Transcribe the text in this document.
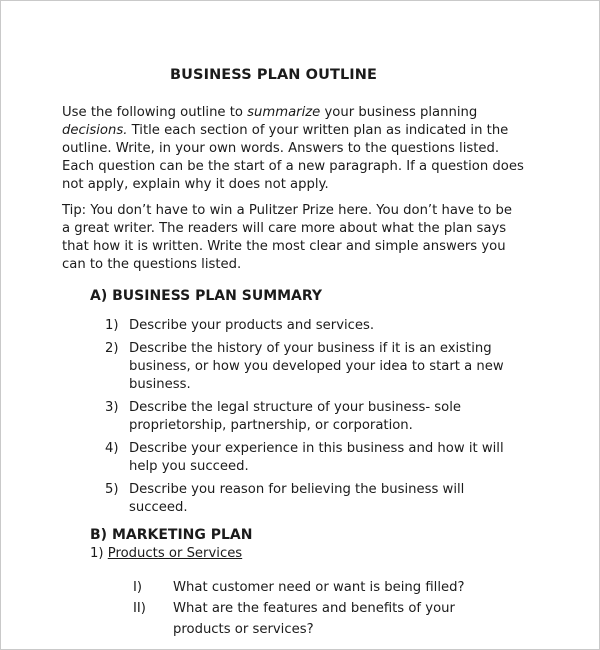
BUSINESS PLAN OUTLINE

Use the following outline to summarize your business planning decisions. Title each section of your written plan as indicated in the outline. Write, in your own words. Answers to the questions listed. Each question can be the start of a new paragraph. If a question does not apply, explain why it does not apply.

Tip: You don’t have to win a Pulitzer Prize here. You don’t have to be a great writer. The readers will care more about what the plan says that how it is written. Write the most clear and simple answers you can to the questions listed.

A) BUSINESS PLAN SUMMARY
1) Describe your products and services.
2) Describe the history of your business if it is an existing business, or how you developed your idea to start a new business.
3) Describe the legal structure of your business- sole proprietorship, partnership, or corporation.
4) Describe your experience in this business and how it will help you succeed.
5) Describe you reason for believing the business will succeed.
B) MARKETING PLAN
1) Products or Services
I)	What customer need or want is being filled?
II)	What are the features and benefits of your products or services?
